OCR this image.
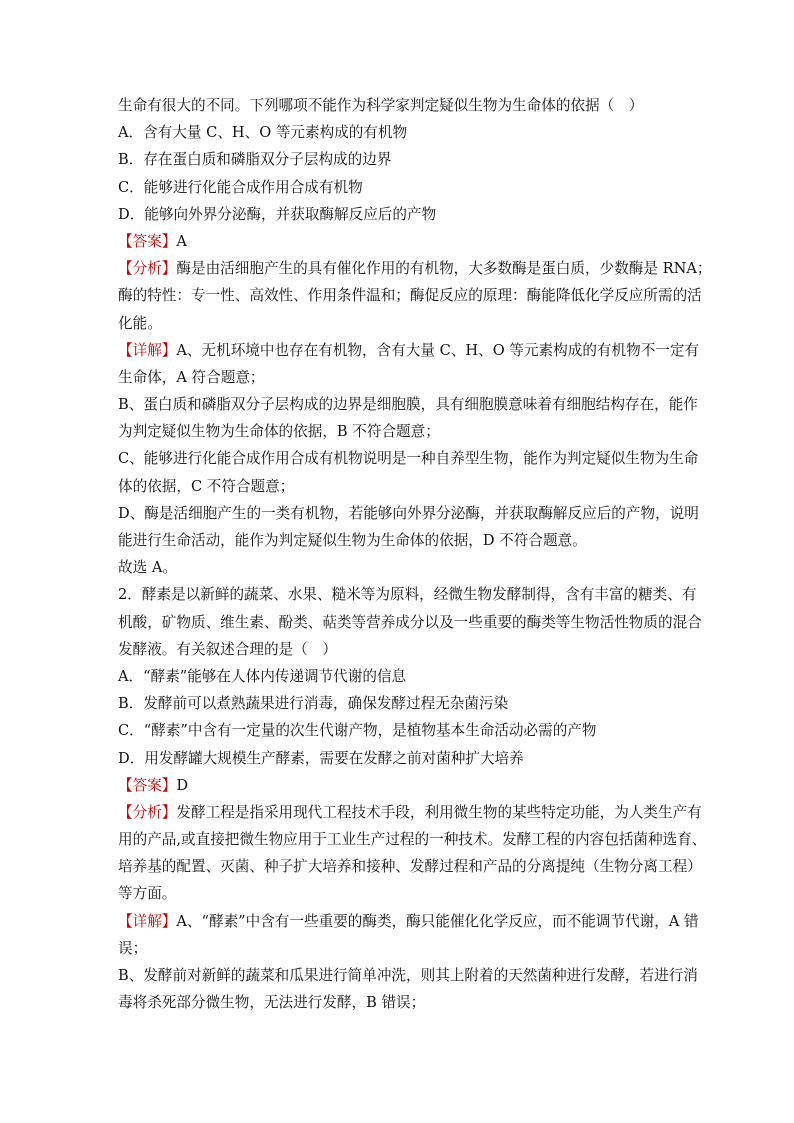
生命有很大的不同。下列哪项不能作为科学家判定疑似生物为生命体的依据（　）
A．含有大量 C、H、O 等元素构成的有机物
B．存在蛋白质和磷脂双分子层构成的边界
C．能够进行化能合成作用合成有机物
D．能够向外界分泌酶，并获取酶解反应后的产物
【答案】A
【分析】酶是由活细胞产生的具有催化作用的有机物，大多数酶是蛋白质，少数酶是 RNA；
酶的特性：专一性、高效性、作用条件温和；酶促反应的原理：酶能降低化学反应所需的活
化能。
【详解】A、无机环境中也存在有机物，含有大量 C、H、O 等元素构成的有机物不一定有
生命体，A 符合题意；
B、蛋白质和磷脂双分子层构成的边界是细胞膜，具有细胞膜意味着有细胞结构存在，能作
为判定疑似生物为生命体的依据，B 不符合题意；
C、能够进行化能合成作用合成有机物说明是一种自养型生物，能作为判定疑似生物为生命
体的依据，C 不符合题意；
D、酶是活细胞产生的一类有机物，若能够向外界分泌酶，并获取酶解反应后的产物，说明
能进行生命活动，能作为判定疑似生物为生命体的依据，D 不符合题意。
故选 A。
2．酵素是以新鲜的蔬菜、水果、糙米等为原料，经微生物发酵制得，含有丰富的糖类、有
机酸，矿物质、维生素、酚类、萜类等营养成分以及一些重要的酶类等生物活性物质的混合
发酵液。有关叙述合理的是（　）
A．“酵素”能够在人体内传递调节代谢的信息
B．发酵前可以煮熟蔬果进行消毒，确保发酵过程无杂菌污染
C．“酵素”中含有一定量的次生代谢产物，是植物基本生命活动必需的产物
D．用发酵罐大规模生产酵素，需要在发酵之前对菌种扩大培养
【答案】D
【分析】发酵工程是指采用现代工程技术手段，利用微生物的某些特定功能，为人类生产有
用的产品,或直接把微生物应用于工业生产过程的一种技术。发酵工程的内容包括菌种选育、
培养基的配置、灭菌、种子扩大培养和接种、发酵过程和产品的分离提纯（生物分离工程）
等方面。
【详解】A、“酵素”中含有一些重要的酶类，酶只能催化化学反应，而不能调节代谢，A 错
误；
B、发酵前对新鲜的蔬菜和瓜果进行简单冲洗，则其上附着的天然菌种进行发酵，若进行消
毒将杀死部分微生物，无法进行发酵，B 错误；
